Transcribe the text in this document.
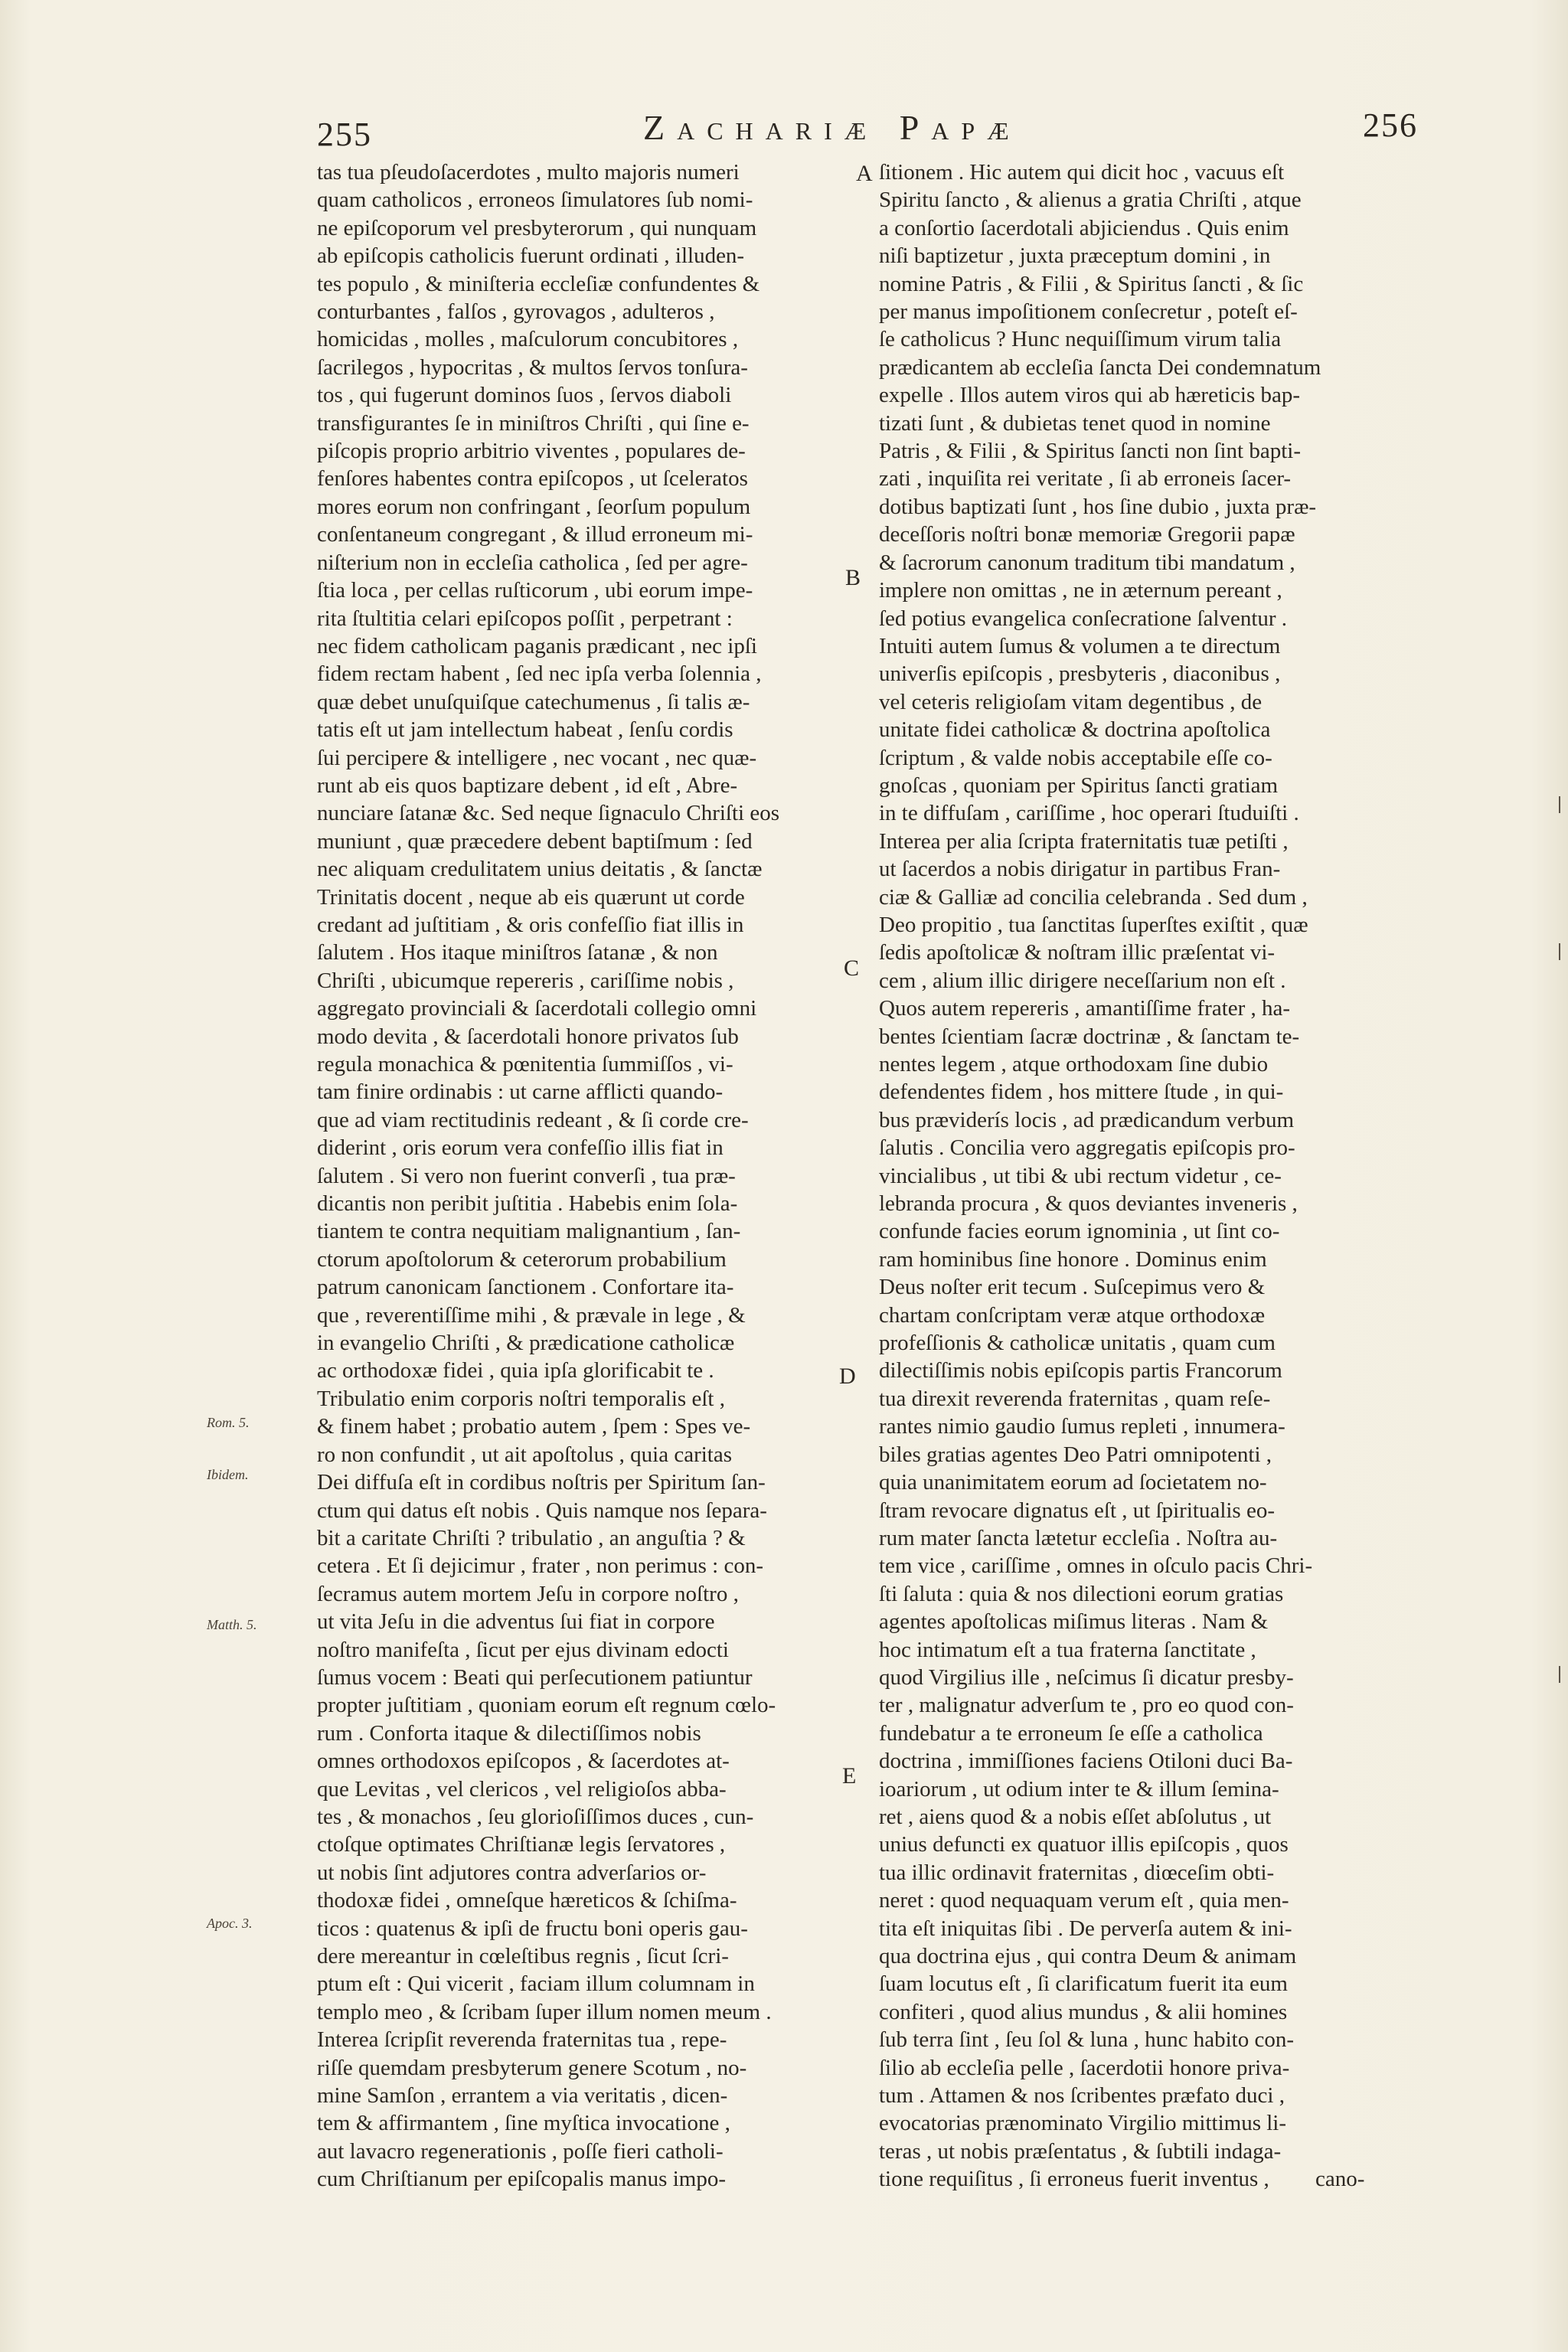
255	Zachariæ Papæ	256
tas tua pſeudoſacerdotes , multo majoris numeri
quam catholicos , erroneos ſimulatores ſub nomi-
ne epiſcoporum vel presbyterorum , qui nunquam
ab epiſcopis catholicis fuerunt ordinati , illuden-
tes populo , & miniſteria eccleſiæ confundentes &
conturbantes , falſos , gyrovagos , adulteros ,
homicidas , molles , maſculorum concubitores ,
ſacrilegos , hypocritas , & multos ſervos tonſura-
tos , qui fugerunt dominos ſuos , ſervos diaboli
transfigurantes ſe in miniſtros Chriſti , qui ſine e-
piſcopis proprio arbitrio viventes , populares de-
fenſores habentes contra epiſcopos , ut ſceleratos
mores eorum non confringant , ſeorſum populum
conſentaneum congregant , & illud erroneum mi-
niſterium non in eccleſia catholica , ſed per agre-
ſtia loca , per cellas ruſticorum , ubi eorum impe-
rita ſtultitia celari epiſcopos poſſit , perpetrant :
nec fidem catholicam paganis prædicant , nec ipſi
fidem rectam habent , ſed nec ipſa verba ſolennia ,
quæ debet unuſquiſque catechumenus , ſi talis æ-
tatis eſt ut jam intellectum habeat , ſenſu cordis
ſui percipere & intelligere , nec vocant , nec quæ-
runt ab eis quos baptizare debent , id eſt , Abre-
nunciare ſatanæ &c. Sed neque ſignaculo Chriſti eos
muniunt , quæ præcedere debent baptiſmum : ſed
nec aliquam credulitatem unius deitatis , & ſanctæ
Trinitatis docent , neque ab eis quærunt ut corde
credant ad juſtitiam , & oris confeſſio fiat illis in
ſalutem . Hos itaque miniſtros ſatanæ , & non
Chriſti , ubicumque repereris , cariſſime nobis ,
aggregato provinciali & ſacerdotali collegio omni
modo devita , & ſacerdotali honore privatos ſub
regula monachica & pœnitentia ſummiſſos , vi-
tam finire ordinabis : ut carne afflicti quando-
que ad viam rectitudinis redeant , & ſi corde cre-
diderint , oris eorum vera confeſſio illis fiat in
ſalutem . Si vero non fuerint converſi , tua præ-
dicantis non peribit juſtitia . Habebis enim ſola-
tiantem te contra nequitiam malignantium , ſan-
ctorum apoſtolorum & ceterorum probabilium
patrum canonicam ſanctionem . Confortare ita-
que , reverentiſſime mihi , & prævale in lege , &
in evangelio Chriſti , & prædicatione catholicæ
ac orthodoxæ fidei , quia ipſa glorificabit te .
Tribulatio enim corporis noſtri temporalis eſt ,
& finem habet ; probatio autem , ſpem : Spes ve-
ro non confundit , ut ait apoſtolus , quia caritas
Dei diffuſa eſt in cordibus noſtris per Spiritum ſan-
ctum qui datus eſt nobis . Quis namque nos ſepara-
bit a caritate Chriſti ? tribulatio , an anguſtia ? &
cetera . Et ſi dejicimur , frater , non perimus : con-
ſecramus autem mortem Jeſu in corpore noſtro ,
ut vita Jeſu in die adventus ſui fiat in corpore
noſtro manifeſta , ſicut per ejus divinam edocti
ſumus vocem : Beati qui perſecutionem patiuntur
propter juſtitiam , quoniam eorum eſt regnum cœlo-
rum . Conforta itaque & dilectiſſimos nobis
omnes orthodoxos epiſcopos , & ſacerdotes at-
que Levitas , vel clericos , vel religioſos abba-
tes , & monachos , ſeu glorioſiſſimos duces , cun-
ctoſque optimates Chriſtianæ legis ſervatores ,
ut nobis ſint adjutores contra adverſarios or-
thodoxæ fidei , omneſque hæreticos & ſchiſma-
ticos : quatenus & ipſi de fructu boni operis gau-
dere mereantur in cœleſtibus regnis , ſicut ſcri-
ptum eſt : Qui vicerit , faciam illum columnam in
templo meo , & ſcribam ſuper illum nomen meum .
Interea ſcripſit reverenda fraternitas tua , repe-
riſſe quemdam presbyterum genere Scotum , no-
mine Samſon , errantem a via veritatis , dicen-
tem & affirmantem , ſine myſtica invocatione ,
aut lavacro regenerationis , poſſe fieri catholi-
cum Chriſtianum per epiſcopalis manus impo-
ſitionem . Hic autem qui dicit hoc , vacuus eſt
Spiritu ſancto , & alienus a gratia Chriſti , atque
a conſortio ſacerdotali abjiciendus . Quis enim
niſi baptizetur , juxta præceptum domini , in
nomine Patris , & Filii , & Spiritus ſancti , & ſic
per manus impoſitionem conſecretur , poteſt eſ-
ſe catholicus ? Hunc nequiſſimum virum talia
prædicantem ab eccleſia ſancta Dei condemnatum
expelle . Illos autem viros qui ab hæreticis bap-
tizati ſunt , & dubietas tenet quod in nomine
Patris , & Filii , & Spiritus ſancti non ſint bapti-
zati , inquiſita rei veritate , ſi ab erroneis ſacer-
dotibus baptizati ſunt , hos ſine dubio , juxta præ-
deceſſoris noſtri bonæ memoriæ Gregorii papæ
& ſacrorum canonum traditum tibi mandatum ,
implere non omittas , ne in æternum pereant ,
ſed potius evangelica conſecratione ſalventur .
Intuiti autem ſumus & volumen a te directum
univerſis epiſcopis , presbyteris , diaconibus ,
vel ceteris religioſam vitam degentibus , de
unitate fidei catholicæ & doctrina apoſtolica
ſcriptum , & valde nobis acceptabile eſſe co-
gnoſcas , quoniam per Spiritus ſancti gratiam
in te diffuſam , cariſſime , hoc operari ſtuduiſti .
Interea per alia ſcripta fraternitatis tuæ petiſti ,
ut ſacerdos a nobis dirigatur in partibus Fran-
ciæ & Galliæ ad concilia celebranda . Sed dum ,
Deo propitio , tua ſanctitas ſuperſtes exiſtit , quæ
ſedis apoſtolicæ & noſtram illic præſentat vi-
cem , alium illic dirigere neceſſarium non eſt .
Quos autem repereris , amantiſſime frater , ha-
bentes ſcientiam ſacræ doctrinæ , & ſanctam te-
nentes legem , atque orthodoxam ſine dubio
defendentes fidem , hos mittere ſtude , in qui-
bus præviderís locis , ad prædicandum verbum
ſalutis . Concilia vero aggregatis epiſcopis pro-
vincialibus , ut tibi & ubi rectum videtur , ce-
lebranda procura , & quos deviantes inveneris ,
confunde facies eorum ignominia , ut ſint co-
ram hominibus ſine honore . Dominus enim
Deus noſter erit tecum . Suſcepimus vero &
chartam conſcriptam veræ atque orthodoxæ
profeſſionis & catholicæ unitatis , quam cum
dilectiſſimis nobis epiſcopis partis Francorum
tua direxit reverenda fraternitas , quam reſe-
rantes nimio gaudio ſumus repleti , innumera-
biles gratias agentes Deo Patri omnipotenti ,
quia unanimitatem eorum ad ſocietatem no-
ſtram revocare dignatus eſt , ut ſpiritualis eo-
rum mater ſancta lætetur eccleſia . Noſtra au-
tem vice , cariſſime , omnes in oſculo pacis Chri-
ſti ſaluta : quia & nos dilectioni eorum gratias
agentes apoſtolicas miſimus literas . Nam &
hoc intimatum eſt a tua fraterna ſanctitate ,
quod Virgilius ille , neſcimus ſi dicatur presby-
ter , malignatur adverſum te , pro eo quod con-
fundebatur a te erroneum ſe eſſe a catholica
doctrina , immiſſiones faciens Otiloni duci Ba-
ioariorum , ut odium inter te & illum ſemina-
ret , aiens quod & a nobis eſſet abſolutus , ut
unius defuncti ex quatuor illis epiſcopis , quos
tua illic ordinavit fraternitas , diœceſim obti-
neret : quod nequaquam verum eſt , quia men-
tita eſt iniquitas ſibi . De perverſa autem & ini-
qua doctrina ejus , qui contra Deum & animam
ſuam locutus eſt , ſi clarificatum fuerit ita eum
confiteri , quod alius mundus , & alii homines
ſub terra ſint , ſeu ſol & luna , hunc habito con-
ſilio ab eccleſia pelle , ſacerdotii honore priva-
tum . Attamen & nos ſcribentes præfato duci ,
evocatorias prænominato Virgilio mittimus li-
teras , ut nobis præſentatus , & ſubtili indaga-
tione requiſitus , ſi erroneus fuerit inventus ,
A
B
C
D
E
Rom. 5.
Ibidem.
Matth. 5.
Apoc. 3.
cano-
